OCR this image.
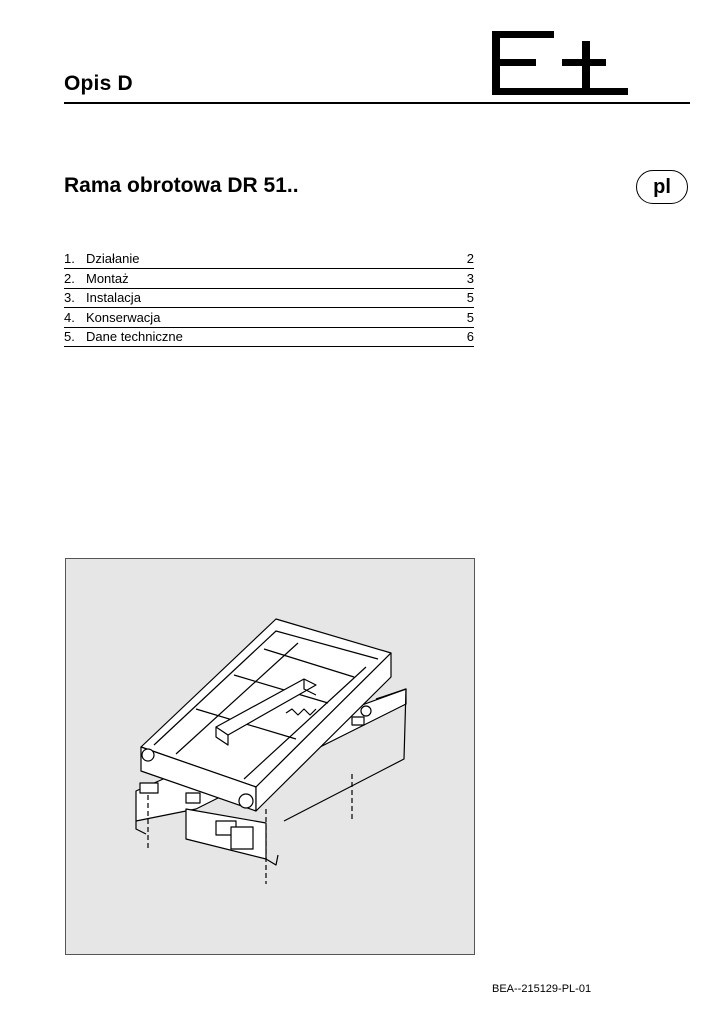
Opis D
Rama obrotowa DR 51..	pl
1. Działanie	2
2. Montaż	3
3. Instalacja	5
4. Konserwacja	5
5. Dane techniczne	6
BEA--215129-PL-01
